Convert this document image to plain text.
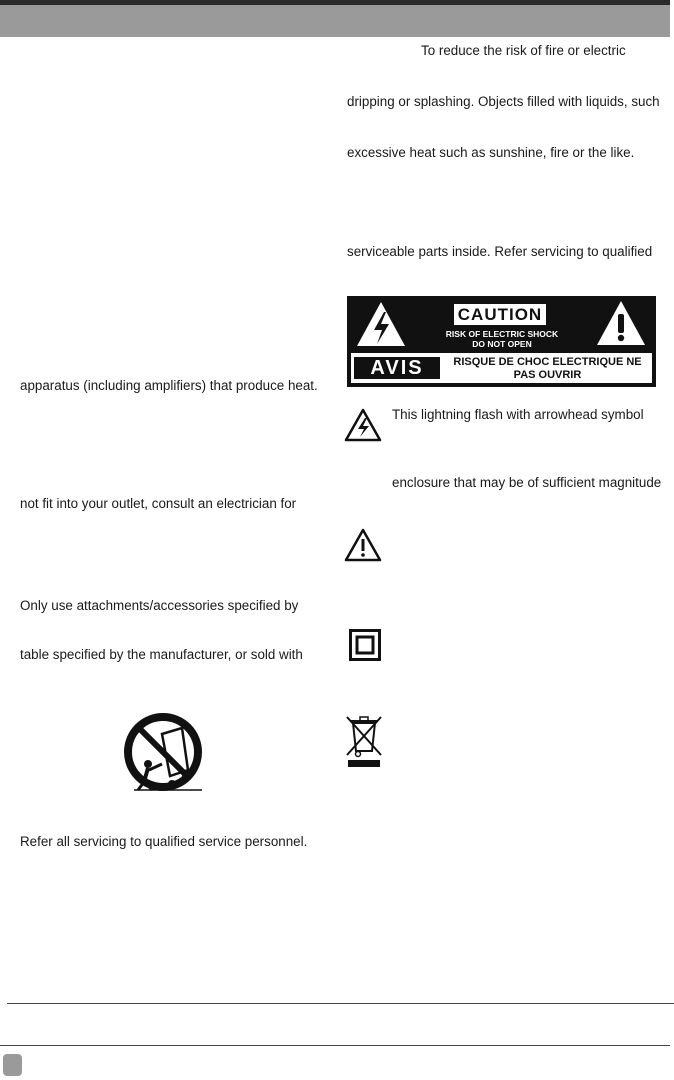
apparatus (including amplifiers) that produce heat.
not fit into your outlet, consult an electrician for
Only use attachments/accessories specified by
table specified by the manufacturer, or sold with
Refer all servicing to qualified service personnel.
To reduce the risk of fire or electric
dripping or splashing. Objects filled with liquids, such
excessive heat such as sunshine, fire or the like.
serviceable parts inside. Refer servicing to qualified
CAUTION
RISK OF ELECTRIC SHOCK
DO NOT OPEN
AVIS	RISQUE DE CHOC ELECTRIQUE NE
PAS OUVRIR
This lightning flash with arrowhead symbol
enclosure that may be of sufficient magnitude
